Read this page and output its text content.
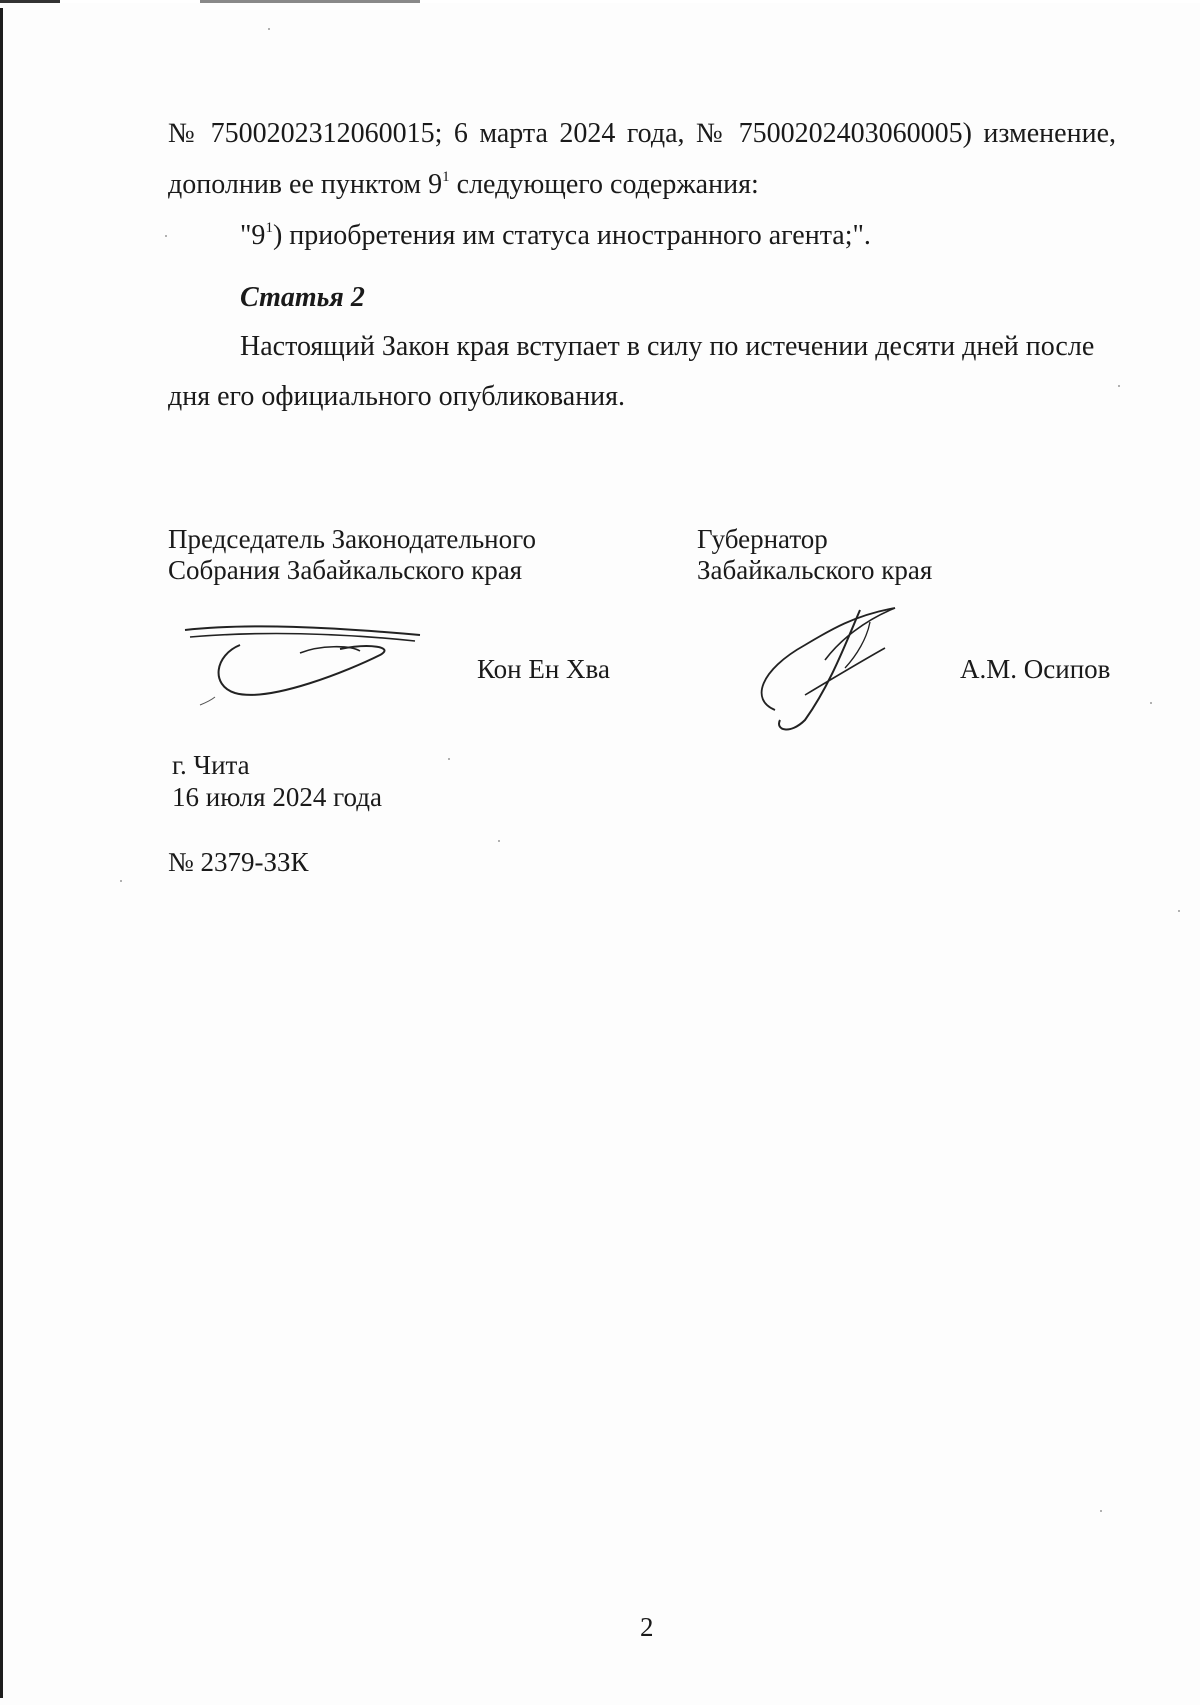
№ 7500202312060015; 6 марта 2024 года, № 7500202403060005) изменение,
дополнив ее пунктом $9^1$ следующего содержания:
"$9^1$) приобретения им статуса иностранного агента;".
Статья 2
Настоящий Закон края вступает в силу по истечении десяти дней после
дня его официального опубликования.
Председатель Законодательного
Собрания Забайкальского края
Кон Ен Хва
Губернатор
Забайкальского края
А.М. Осипов
г. Чита
16 июля 2024 года
№ 2379-ЗЗК
2
